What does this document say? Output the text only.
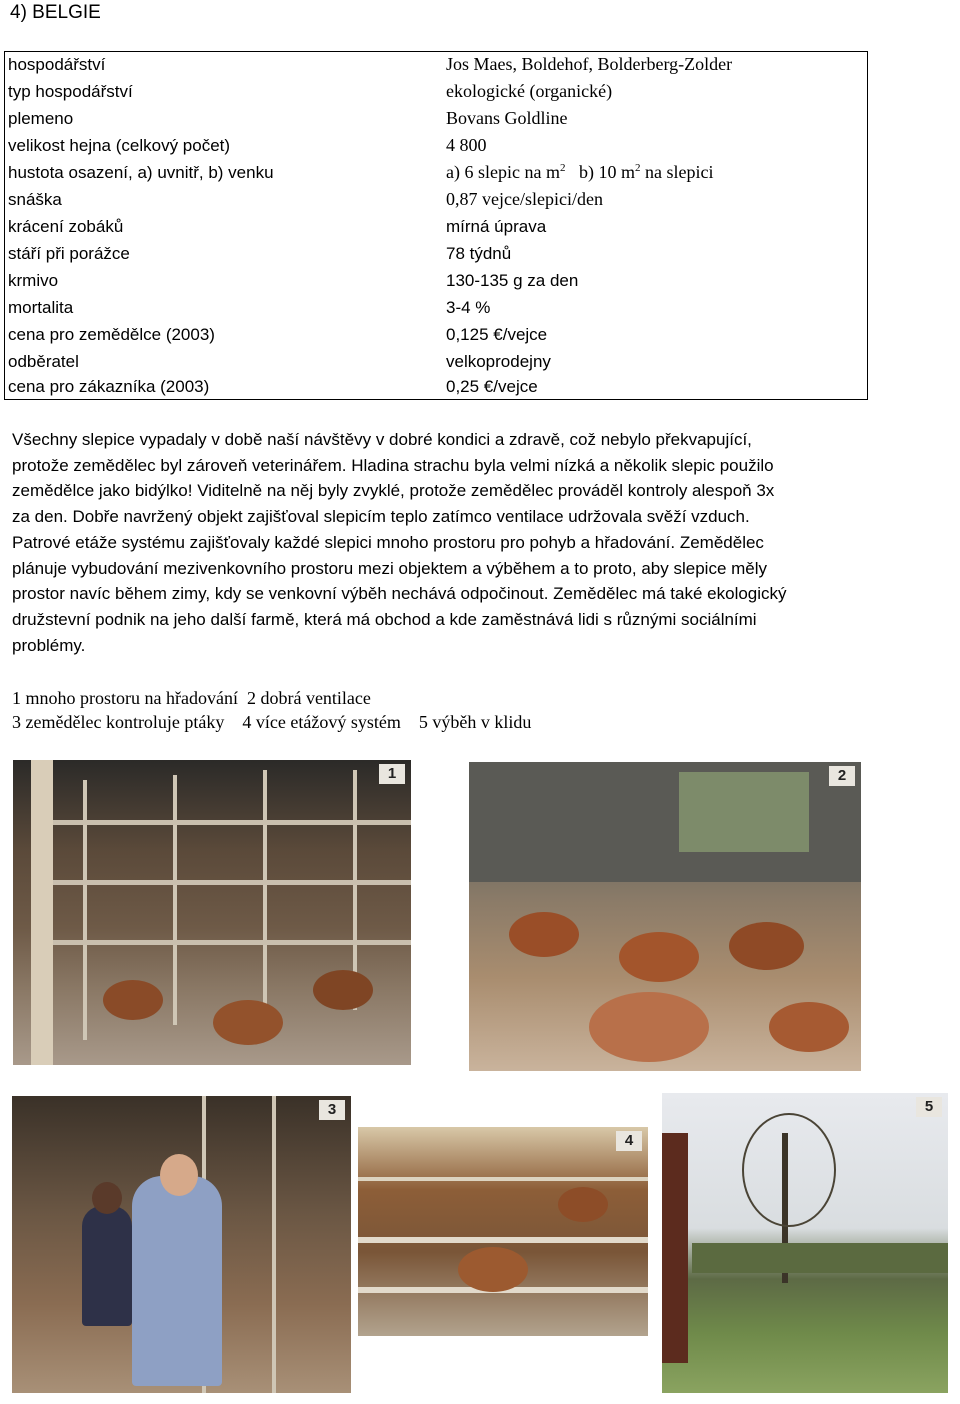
4) BELGIE
hospodářství	Jos Maes, Boldehof, Bolderberg-Zolder
typ hospodářství	ekologické (organické)
plemeno	Bovans Goldline
velikost hejna (celkový počet)	4 800
hustota osazení, a) uvnitř, b) venku	a) 6 slepic na $m^2$   b) 10 $m^2$ na slepici
snáška	0,87 vejce/slepici/den
krácení zobáků	mírná úprava
stáří při porážce	78 týdnů
krmivo	130-135 g za den
mortalita	3-4 %
cena pro zemědělce (2003)	0,125 €/vejce
odběratel	velkoprodejny
cena pro zákazníka (2003)	0,25 €/vejce

Všechny slepice vypadaly v době naší návštěvy v dobré kondici a zdravě, což nebylo překvapující,

protože zemědělec byl zároveň veterinářem. Hladina strachu byla velmi nízká a několik slepic použilo

zemědělce jako bidýlko! Viditelně na něj byly zvyklé, protože zemědělec prováděl kontroly alespoň 3x

za den. Dobře navržený objekt zajišťoval slepicím teplo zatímco ventilace udržovala svěží vzduch.

Patrové etáže systému zajišťovaly každé slepici mnoho prostoru pro pohyb a hřadování. Zemědělec

plánuje vybudování mezivenkovního prostoru mezi objektem a výběhem a to proto, aby slepice měly

prostor navíc během zimy, kdy se venkovní výběh nechává odpočinout. Zemědělec má také ekologický

družstevní podnik na jeho další farmě, která má obchod a kde zaměstnává lidi s různými sociálními

problémy.

1 mnoho prostoru na hřadování  2 dobrá ventilace
3 zemědělec kontroluje ptáky    4 více etážový systém    5 výběh v klidu
1	2
3
4
5
